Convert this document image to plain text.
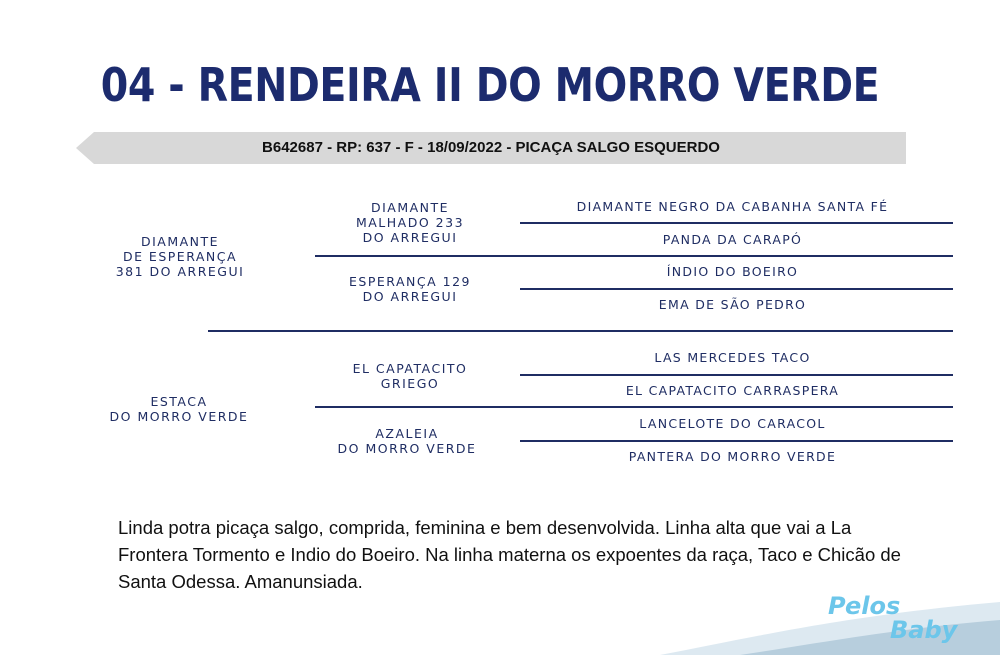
04 - RENDEIRA II DO MORRO VERDE
B642687 - RP: 637 - F - 18/09/2022 - PICAÇA SALGO ESQUERDO
DIAMANTE
DE ESPERANÇA
381 DO ARREGUI
ESTACA
DO MORRO VERDE
DIAMANTE
MALHADO 233
DO ARREGUI
ESPERANÇA 129
DO ARREGUI
EL CAPATACITO
GRIEGO
AZALEIA
DO MORRO VERDE
DIAMANTE NEGRO DA CABANHA SANTA FÉ
PANDA DA CARAPÓ
ÍNDIO DO BOEIRO
EMA DE SÃO PEDRO
LAS MERCEDES TACO
EL CAPATACITO CARRASPERA
LANCELOTE DO CARACOL
PANTERA DO MORRO VERDE
Linda potra picaça salgo, comprida, feminina e bem desenvolvida. Linha alta que vai a La Frontera Tormento e Indio do Boeiro. Na linha materna os expoentes da raça, Taco e Chicão de Santa Odessa. Amanunsiada.
Pelos
Baby
